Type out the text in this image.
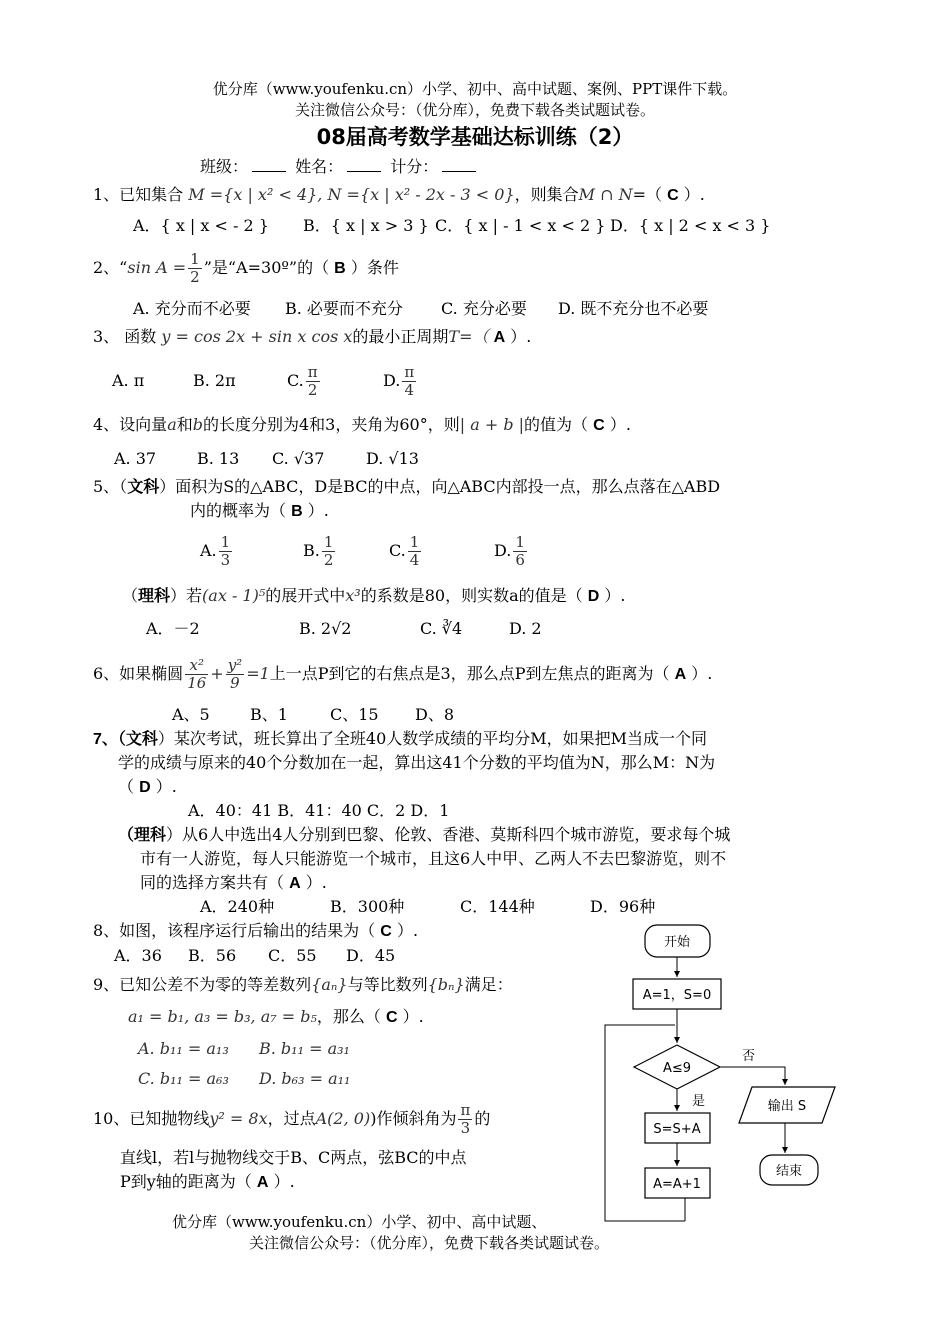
优分库（www.youfenku.cn）小学、初中、高中试题、案例、PPT课件下载。
关注微信公众号：（优分库），免费下载各类试题试卷。
08届高考数学基础达标训练（2）
班级：	姓名：	计分：
1、已知集合 M ={x | x² < 4}, N ={x | x² - 2x - 3 < 0}，则集合M ∩ N=（ C ）.
A．{ x | x < - 2 } B．{ x | x > 3 } C．{ x | - 1 < x < 2 } D．{ x | 2 < x < 3 }
2、“sin $A = \frac{1}{2}$ ”是“A=30º”的（ B ）条件
A. 充分而不必要 B. 必要而不充分 C. 充分必要 D. 既不充分也不必要
3、 函数 y = cos 2x + sin x cos x的最小正周期T=（ A ）.
A. π	B. 2π	C. $\frac{\pi}{2}$	D. $\frac{\pi}{4}$
4、设向量a和b的长度分别为4和3，夹角为60°，则| a + b |的值为（ C ）.
A. 37	B. 13 C. √37	D. √13
5、（文科）面积为S的△ABC，D是BC的中点，向△ABC内部投一点，那么点落在△ABD
内的概率为（ B ）.
A. $\frac{1}{3}$	B. $\frac{1}{2}$	C. $\frac{1}{4}$	D. $\frac{1}{6}$
（理科）若(ax - 1)⁵的展开式中x³的系数是80，则实数a的值是（ D ）.
A．－2	B. 2√2	C. ∛4	D. 2
6、如果椭圆 $\frac{\text{x²}}{16} + \frac{\text{y²}}{9} =1$上一点P到它的右焦点是3，那么点P到左焦点的距离为（ A ）.
A、5	B、1	C、15 D、8
7、（文科）某次考试，班长算出了全班40人数学成绩的平均分M，如果把M当成一个同
学的成绩与原来的40个分数加在一起，算出这41个分数的平均值为N，那么M：N为
（ D ）.
A．40：41 B．41：40 C．2 D．1
（理科）从6人中选出4人分别到巴黎、伦敦、香港、莫斯科四个城市游览，要求每个城
市有一人游览，每人只能游览一个城市，且这6人中甲、乙两人不去巴黎游览，则不
同的选择方案共有（ A ）.
A．240种	B．300种	C．144种	D．96种
8、如图，该程序运行后输出的结果为（ C ）.
A．36 B．56 C．55 D．45
9、已知公差不为零的等差数列{aₙ}与等比数列{bₙ}满足：
a₁ = b₁, a₃ = b₃, a₇ = b₅，那么（ C ）.
A. b₁₁ = a₁₃ B. b₁₁ = a₃₁
C. b₁₁ = a₆₃ D. b₆₃ = a₁₁
10、已知抛物线y² = 8x，过点A(2, 0))作倾斜角为 $\frac{\pi}{3}$ 的
直线l，若l与抛物线交于B、C两点，弦BC的中点
P到y轴的距离为（ A ）.
开始
A=1，S=0
A≤9
否
是
S=S+A
A=A+1
输出 S
结束
优分库（www.youfenku.cn）小学、初中、高中试题、
关注微信公众号：（优分库），免费下载各类试题试卷。
